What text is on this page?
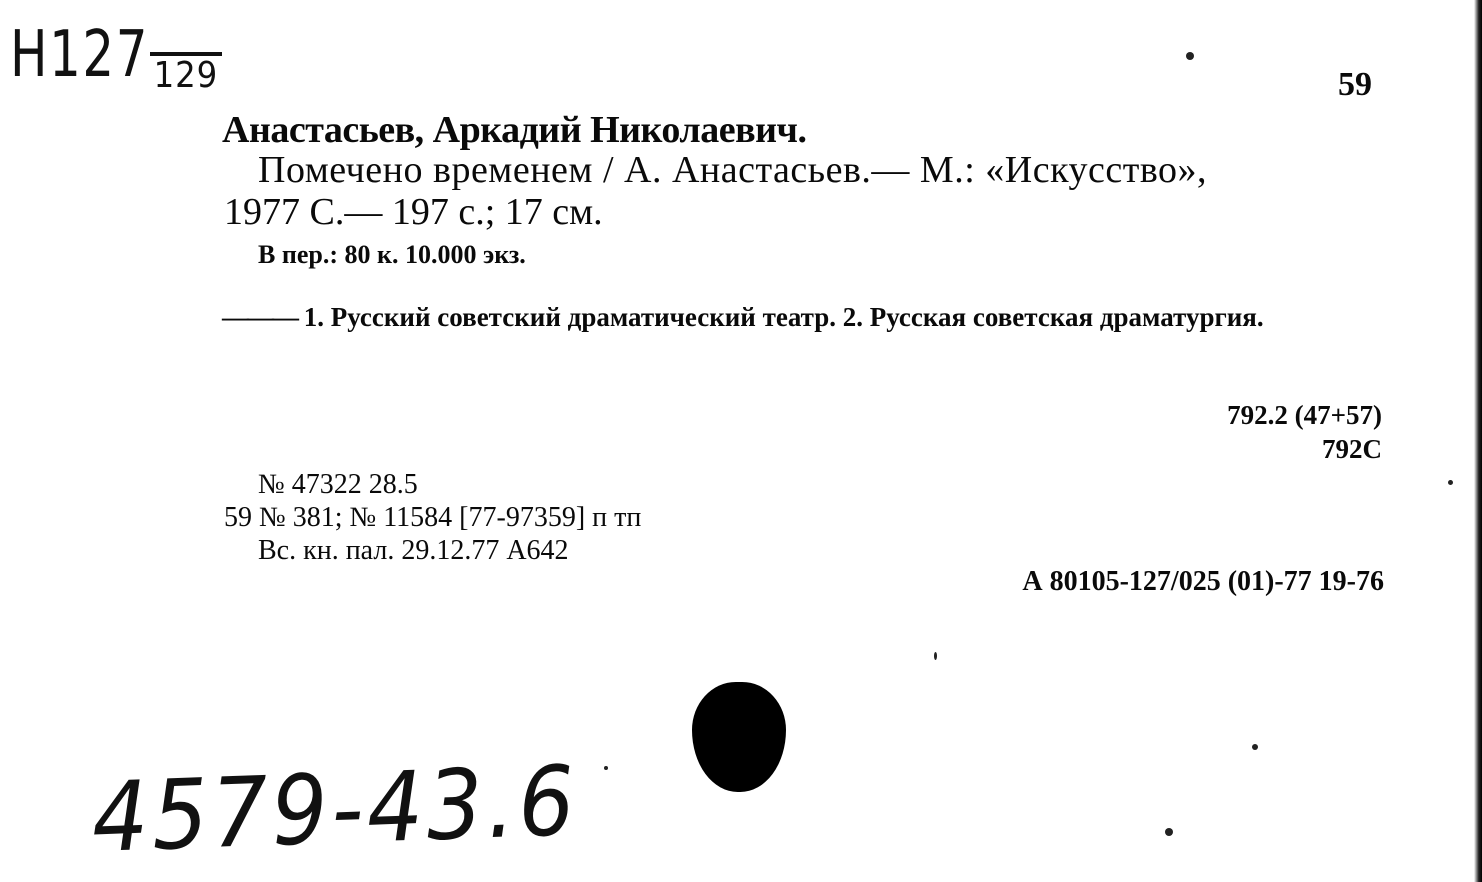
Н127 129	59
Анастасьев, Аркадий Николаевич.
Помечено временем / А. Анастасьев.— М.: «Искусство»,
1977 С.— 197 с.; 17 см.
В пер.: 80 к. 10.000 экз.
——— 1. Русский советский драматический театр. 2. Русская советская драматургия.
792.2 (47+57)
792С
№ 47322 28.5
59 № 381; № 11584 [77-97359] п тп
Вс. кн. пал. 29.12.77 А642
А 80105-127/025 (01)-77 19-76
4579-43.6
